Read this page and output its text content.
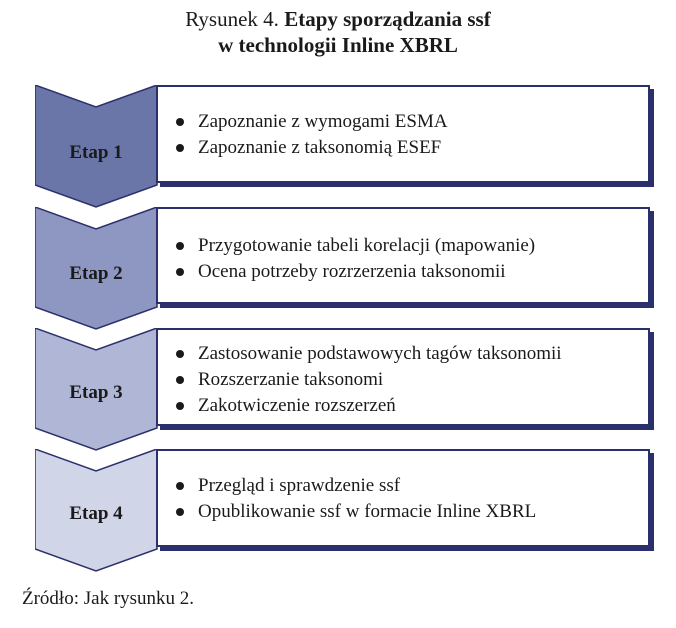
Rysunek 4. Etapy sporządzania ssf
w technologii Inline XBRL
Etap 1
Zapoznanie z wymogami ESMA
Zapoznanie z taksonomią ESEF
Etap 2
Przygotowanie tabeli korelacji (mapowanie)
Ocena potrzeby rozrzerzenia taksonomii
Etap 3
Zastosowanie podstawowych tagów taksonomii
Rozszerzanie taksonomi
Zakotwiczenie rozszerzeń
Etap 4
Przegląd i sprawdzenie ssf
Opublikowanie ssf w formacie Inline XBRL
Źródło: Jak rysunku 2.
